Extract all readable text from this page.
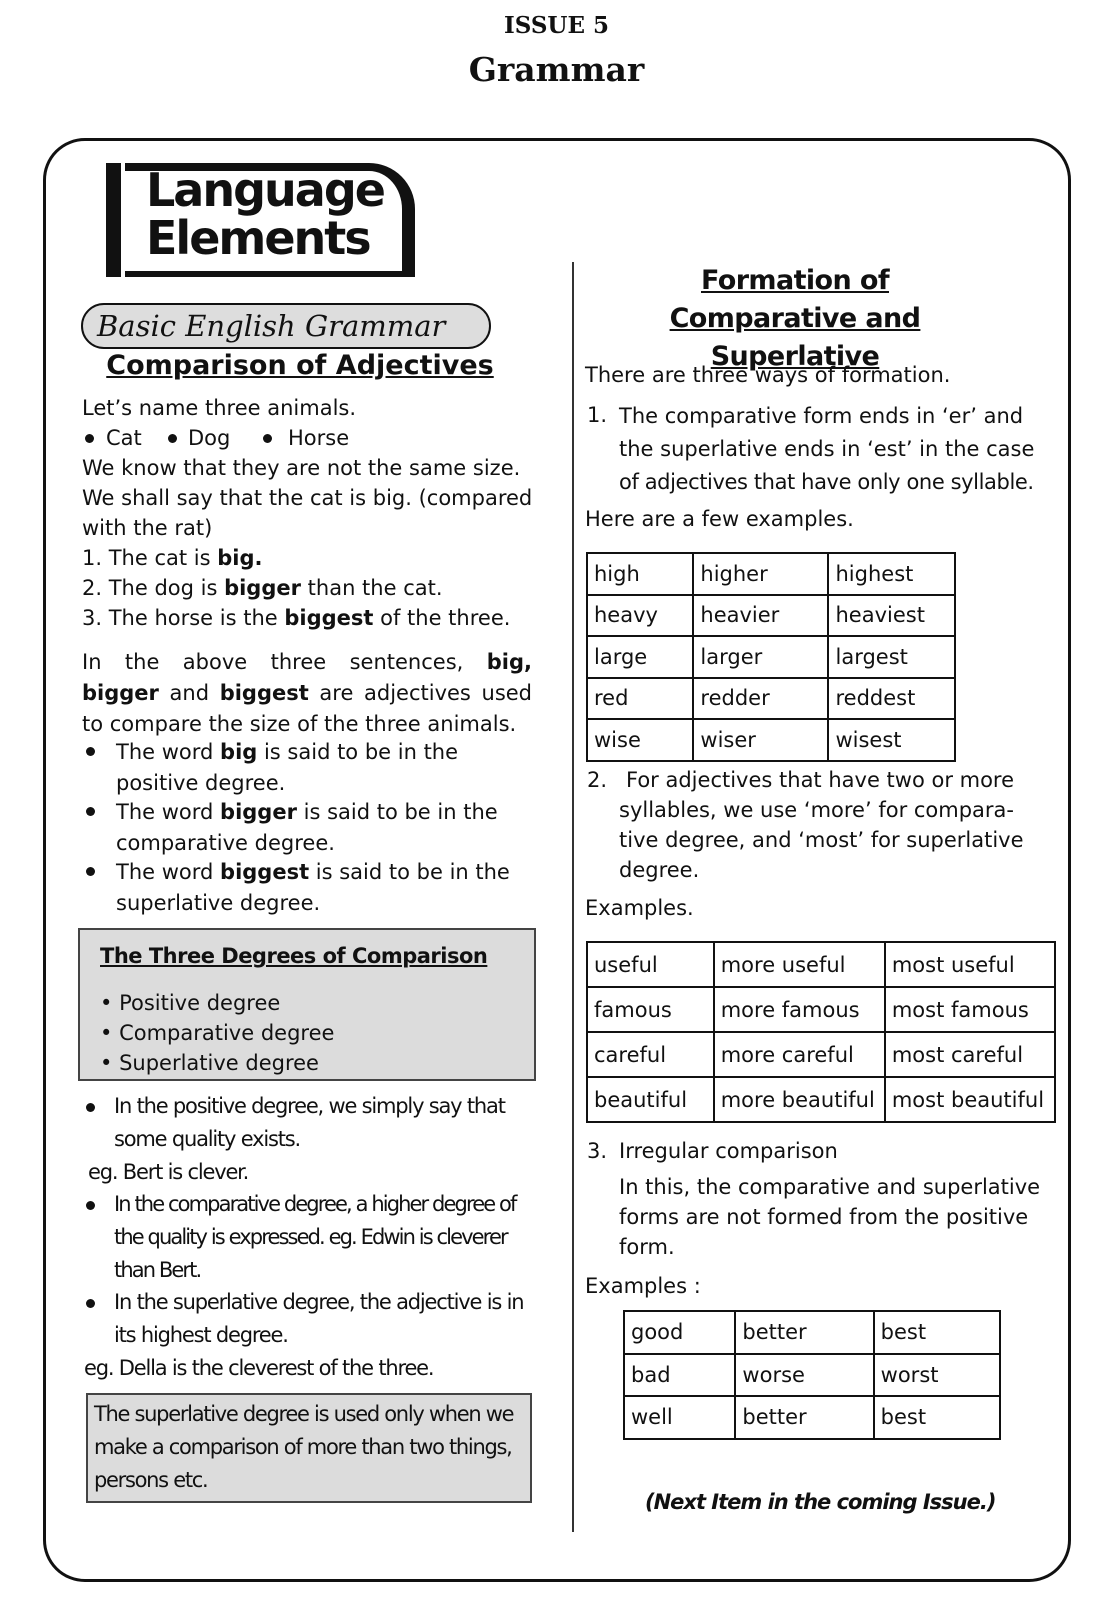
ISSUE 5
Grammar
Language
Elements
Basic English Grammar
Comparison of Adjectives
Let’s name three animals.
Cat Dog	Horse
We know that they are not the same size.
We shall say that the cat is big. (compared
with the rat)
1. The cat is big.
2. The dog is bigger than the cat.
3. The horse is the biggest of the three.
In the above three sentences, big, bigger and biggest are adjectives used to compare the size of the three animals.
The word big is said to be in the
positive degree.
The word bigger is said to be in the
comparative degree.
The word biggest is said to be in the
superlative degree.
The Three Degrees of Comparison
• Positive degree
• Comparative degree
• Superlative degree
In the positive degree, we simply say that
some quality exists.
eg. Bert is clever.
In the comparative degree, a higher degree of
the quality is expressed. eg. Edwin is cleverer
than Bert.
In the superlative degree, the adjective is in
its highest degree.
eg. Della is the cleverest of the three.
The superlative degree is used only when we
make a comparison of more than two things,
persons etc.
Formation of
Comparative and Superlative
There are three ways of formation.
1. The comparative form ends in ‘er’ and
the superlative ends in ‘est’ in the case
of adjectives that have only one syllable.
Here are a few examples.
high	higher	highest
heavy	heavier	heaviest
large	larger	largest
red	redder	reddest
wise	wiser	wisest
2. For adjectives that have two or more
syllables, we use ‘more’ for compara-
tive degree, and ‘most’ for superlative
degree.
Examples.
useful	more useful	most useful
famous	more famous	most famous
careful	more careful	most careful
beautiful	more beautiful	most beautiful
3. Irregular comparison
In this, the comparative and superlative
forms are not formed from the positive
form.
Examples :
good	better	best
bad	worse	worst
well	better	best
(Next Item in the coming Issue.)
